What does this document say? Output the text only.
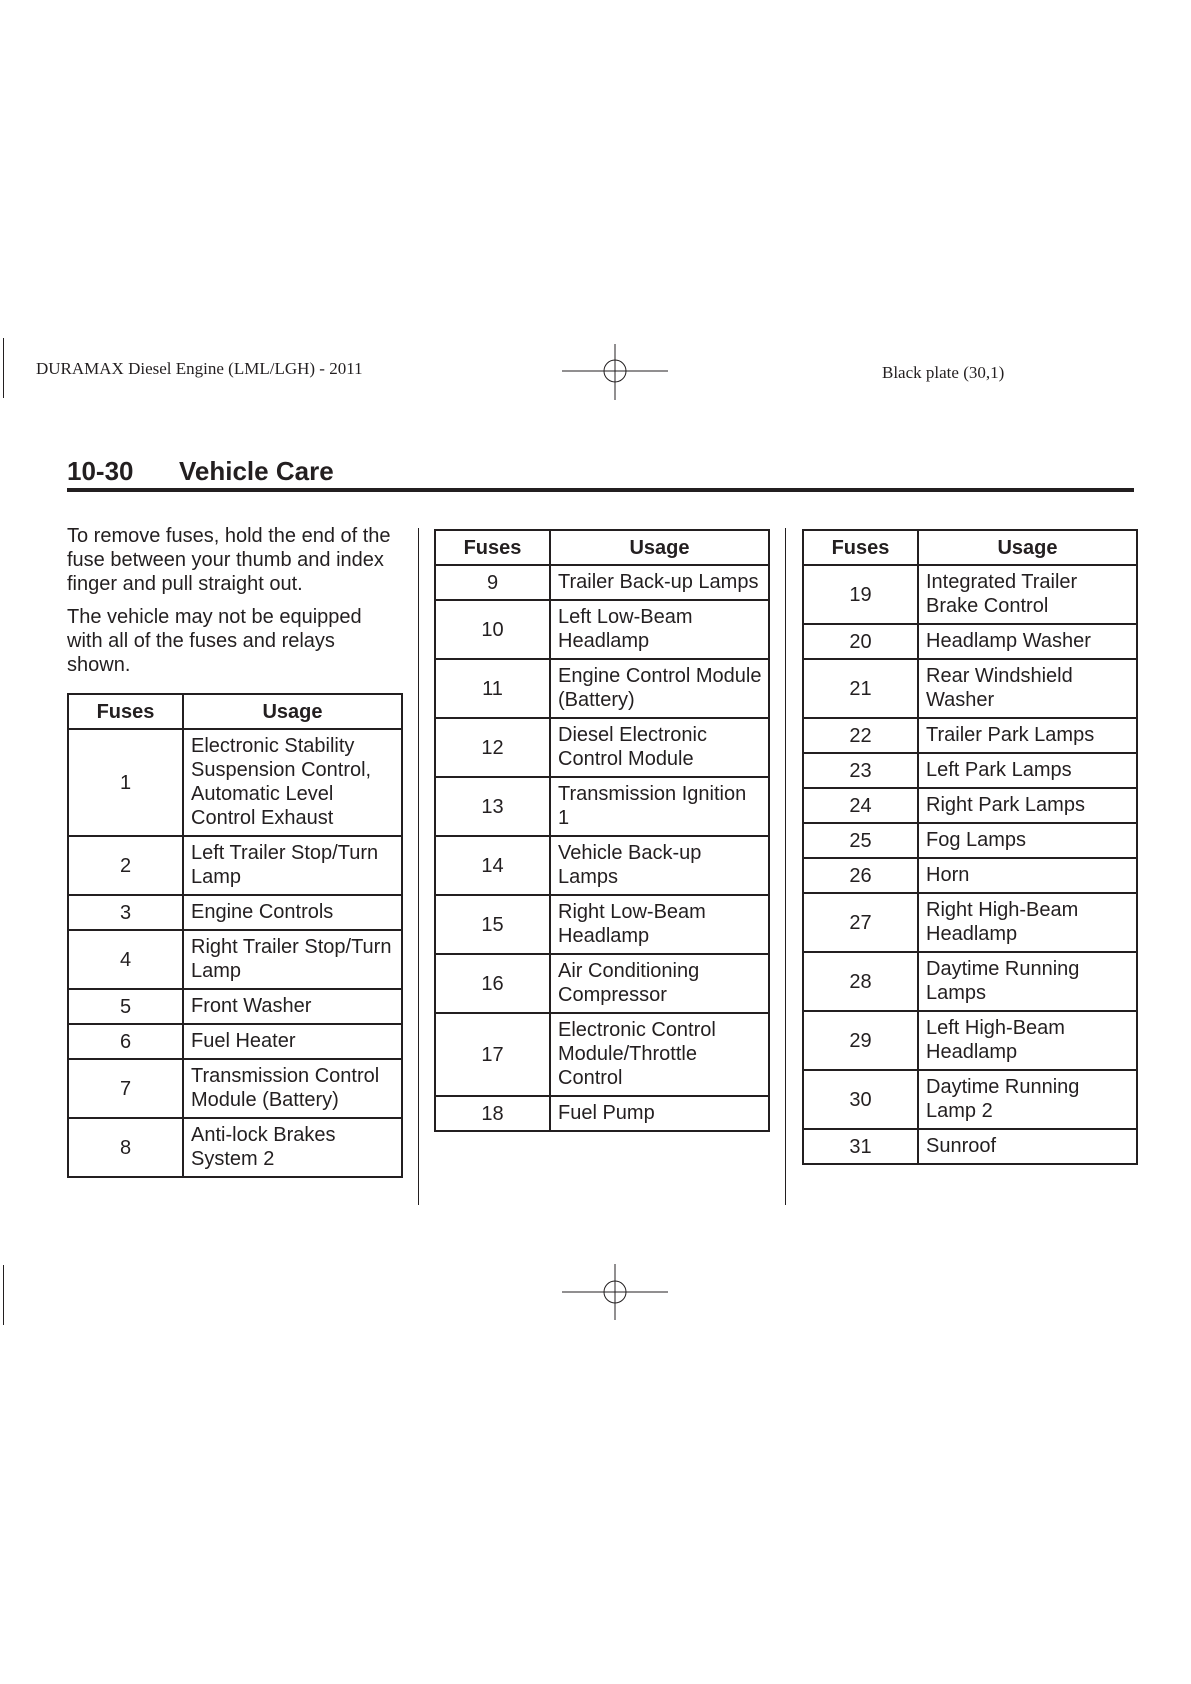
DURAMAX Diesel Engine (LML/LGH) - 2011	Black plate (30,1)
10-30 Vehicle Care

To remove fuses, hold the end of the fuse between your thumb and index finger and pull straight out.

The vehicle may not be equipped with all of the fuses and relays shown.

Fuses	Usage
1	Electronic Stability Suspension Control, Automatic Level Control Exhaust
2	Left Trailer Stop/Turn Lamp
3	Engine Controls
4	Right Trailer Stop/Turn Lamp
5	Front Washer
6	Fuel Heater
7	Transmission Control Module (Battery)
8	Anti-lock Brakes System 2
Fuses	Usage
9	Trailer Back-up Lamps
10	Left Low-Beam Headlamp
11	Engine Control Module (Battery)
12	Diesel Electronic Control Module
13	Transmission Ignition 1
14	Vehicle Back-up Lamps
15	Right Low-Beam Headlamp
16	Air Conditioning Compressor
17	Electronic Control Module/Throttle Control
18	Fuel Pump
Fuses	Usage
19	Integrated Trailer Brake Control
20	Headlamp Washer
21	Rear Windshield Washer
22	Trailer Park Lamps
23	Left Park Lamps
24	Right Park Lamps
25	Fog Lamps
26	Horn
27	Right High-Beam Headlamp
28	Daytime Running Lamps
29	Left High-Beam Headlamp
30	Daytime Running Lamp 2
31	Sunroof
